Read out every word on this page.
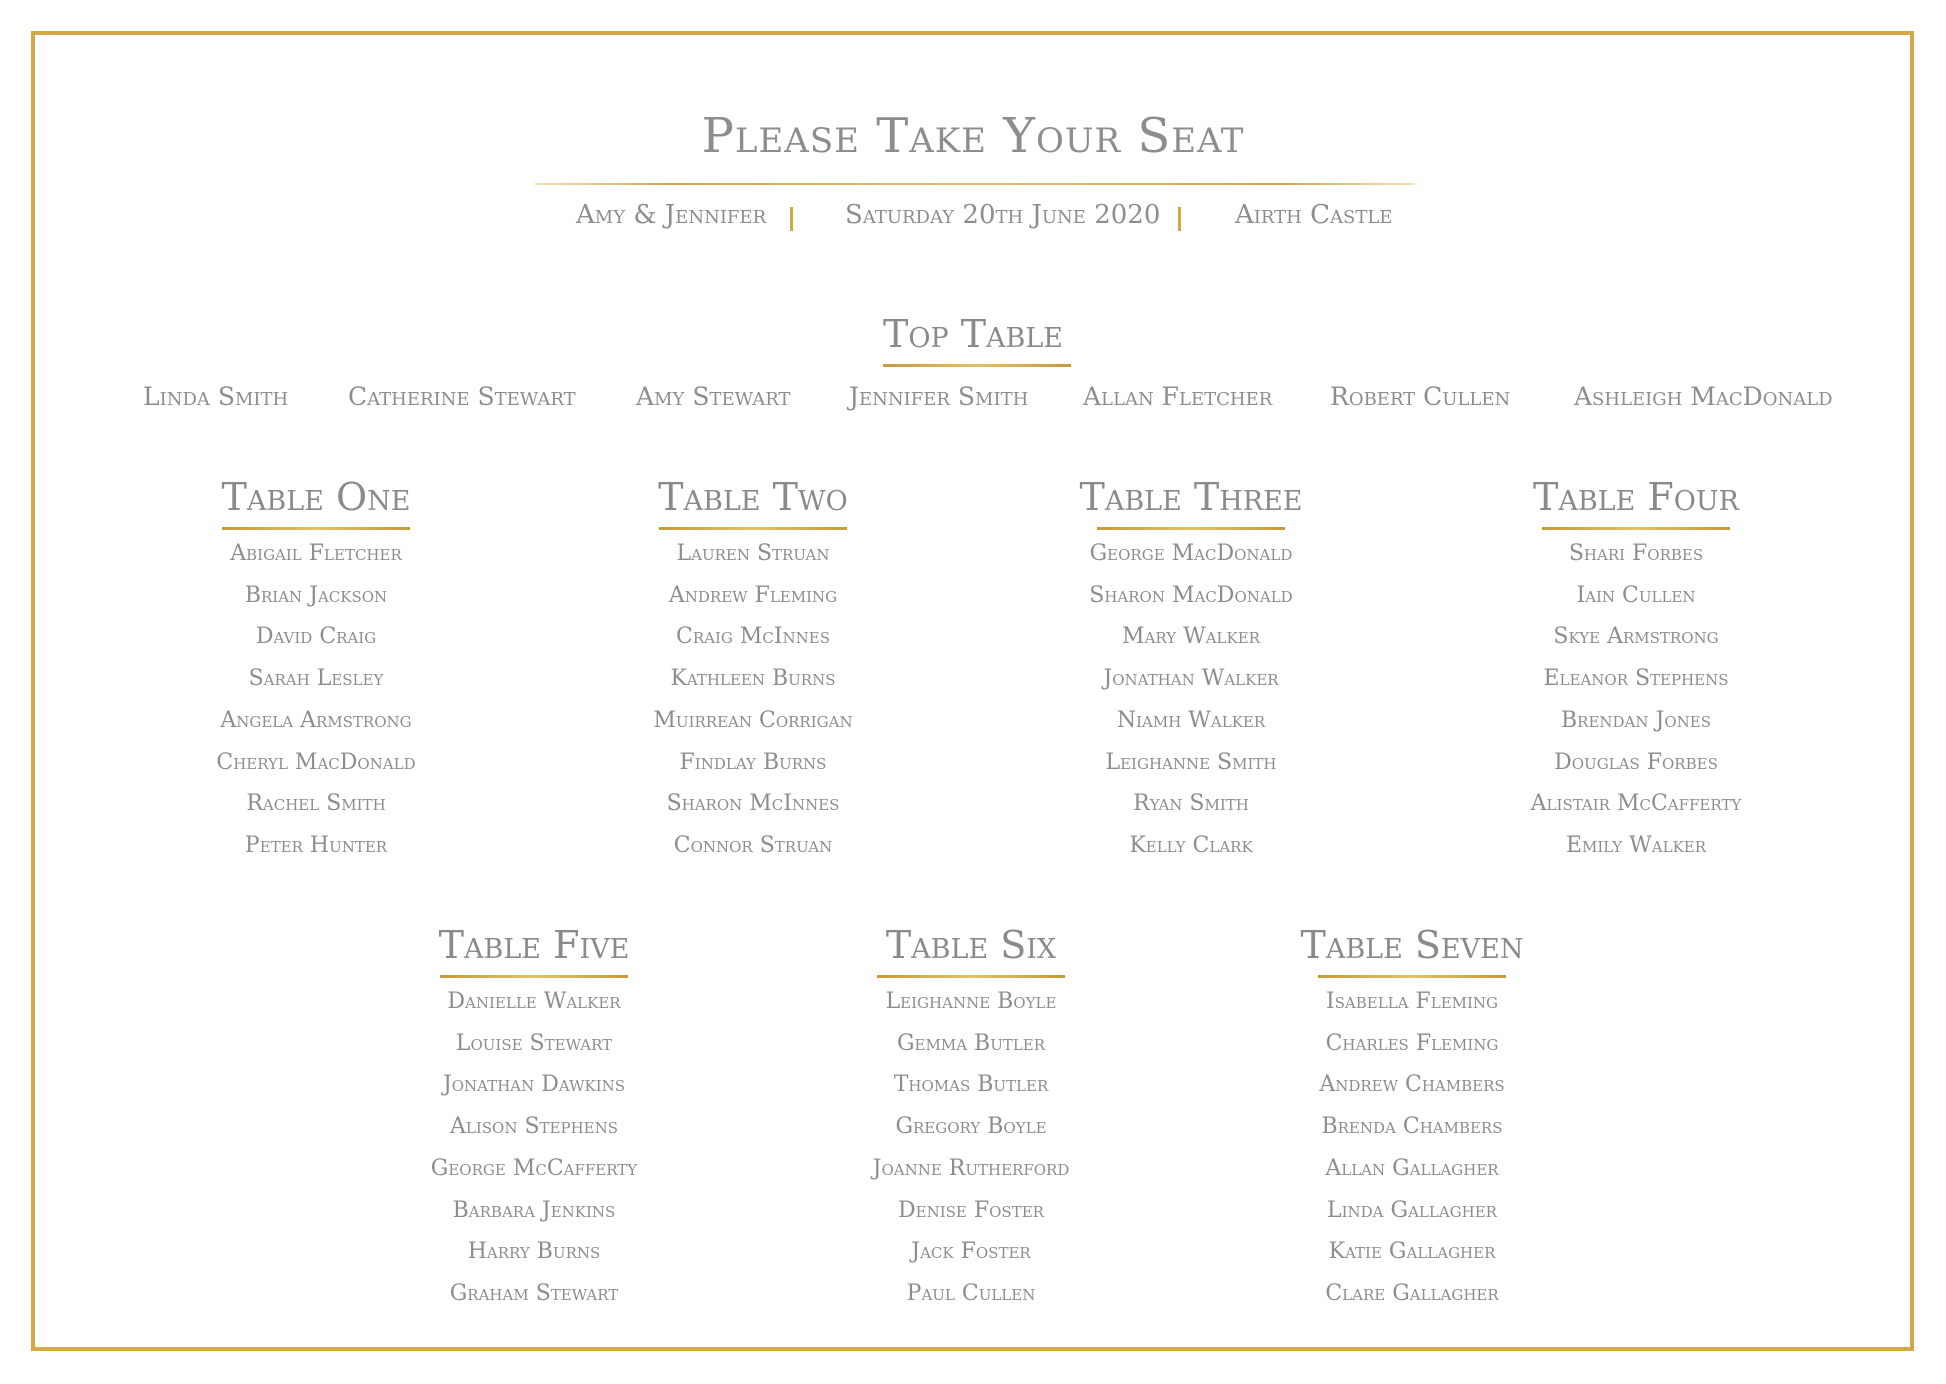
Please Take Your Seat
Amy & Jennifer	Saturday 20th June 2020	Airth Castle
Top Table
Linda Smith Catherine Stewart Amy Stewart Jennifer Smith Allan Fletcher Robert Cullen	Ashleigh MacDonald
Table One
Abigail Fletcher
Brian Jackson
David Craig
Sarah Lesley
Angela Armstrong
Cheryl MacDonald
Rachel Smith
Peter Hunter
Table Two
Lauren Struan
Andrew Fleming
Craig McInnes
Kathleen Burns
Muirrean Corrigan
Findlay Burns
Sharon McInnes
Connor Struan
Table Three
George MacDonald
Sharon MacDonald
Mary Walker
Jonathan Walker
Niamh Walker
Leighanne Smith
Ryan Smith
Kelly Clark
Table Four
Shari Forbes
Iain Cullen
Skye Armstrong
Eleanor Stephens
Brendan Jones
Douglas Forbes
Alistair McCafferty
Emily Walker
Table Five
Danielle Walker
Louise Stewart
Jonathan Dawkins
Alison Stephens
George McCafferty
Barbara Jenkins
Harry Burns
Graham Stewart
Table Six
Leighanne Boyle
Gemma Butler
Thomas Butler
Gregory Boyle
Joanne Rutherford
Denise Foster
Jack Foster
Paul Cullen
Table Seven
Isabella Fleming
Charles Fleming
Andrew Chambers
Brenda Chambers
Allan Gallagher
Linda Gallagher
Katie Gallagher
Clare Gallagher
